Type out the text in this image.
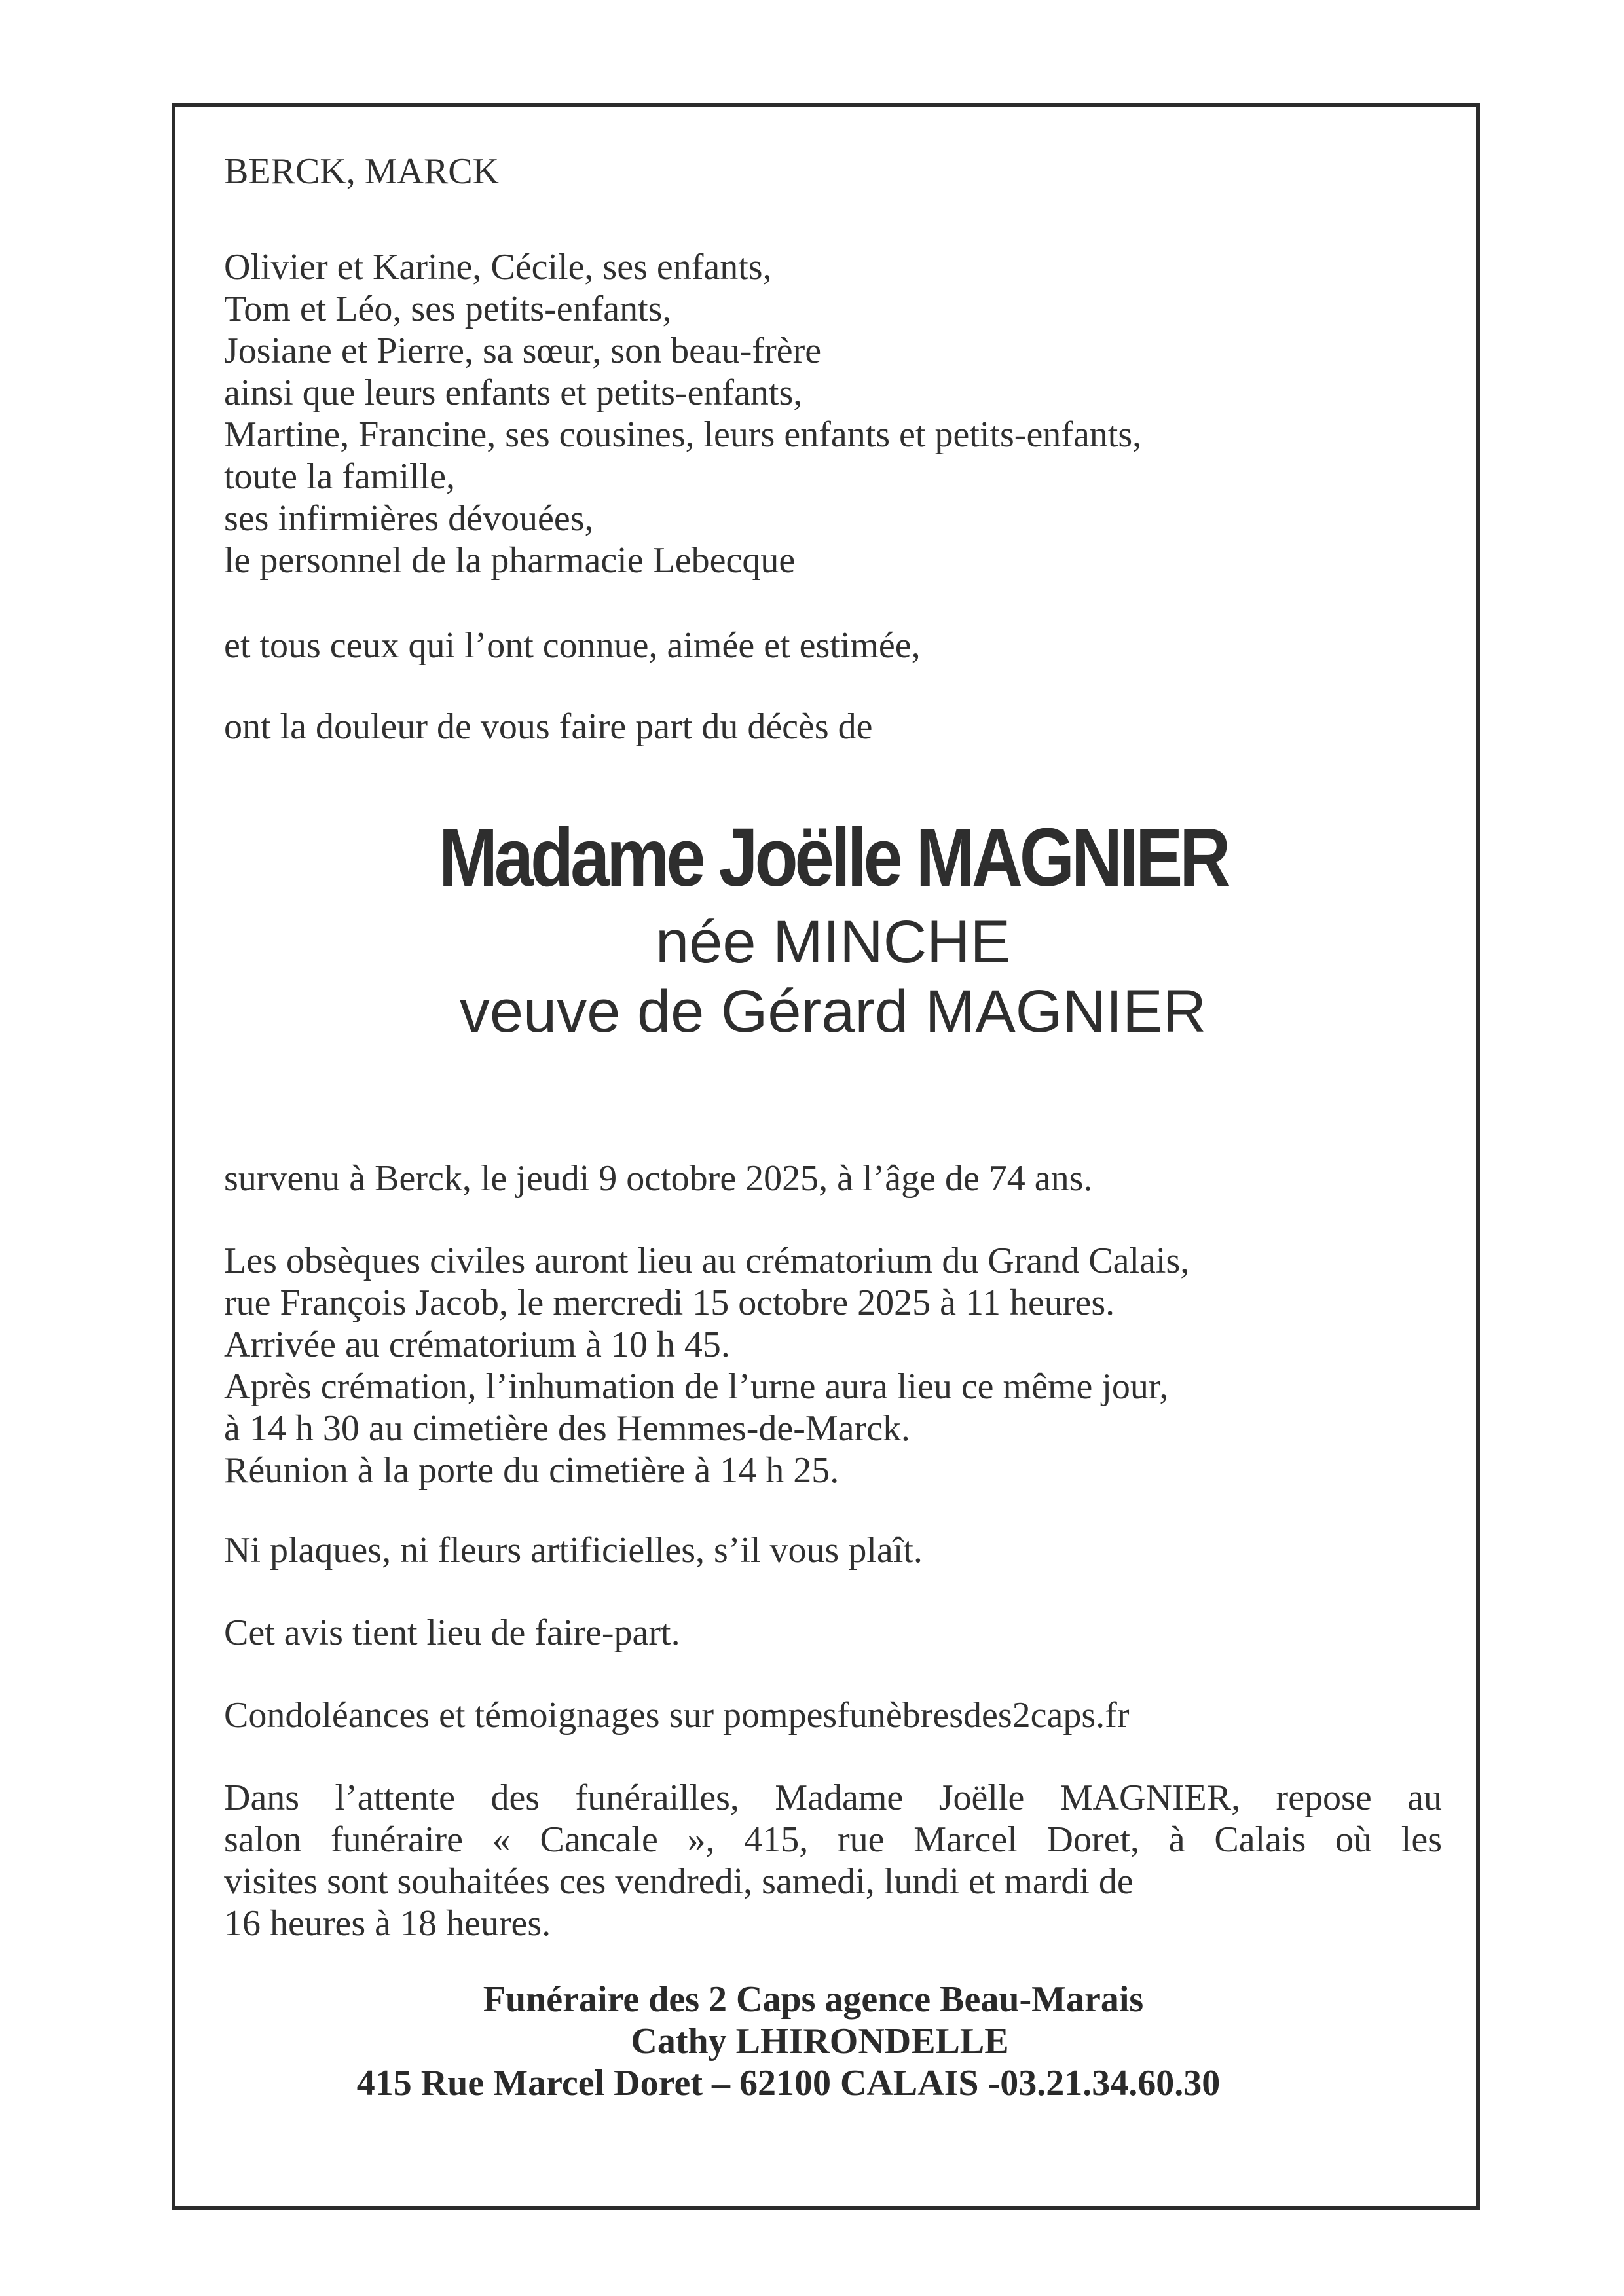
BERCK, MARCK

Olivier et Karine, Cécile, ses enfants,

Tom et Léo, ses petits-enfants,

Josiane et Pierre, sa sœur, son beau-frère

ainsi que leurs enfants et petits-enfants,

Martine, Francine, ses cousines, leurs enfants et petits-enfants,

toute la famille,

ses infirmières dévouées,

le personnel de la pharmacie Lebecque

et tous ceux qui l’ont connue, aimée et estimée,

ont la douleur de vous faire part du décès de

Madame Joëlle MAGNIER

née MINCHE

veuve de Gérard MAGNIER

survenu à Berck, le jeudi 9 octobre 2025, à l’âge de 74 ans.

Les obsèques civiles auront lieu au crématorium du Grand Calais,

rue François Jacob, le mercredi 15 octobre 2025 à 11 heures.

Arrivée au crématorium à 10 h 45.

Après crémation, l’inhumation de l’urne aura lieu ce même jour,

à 14 h 30 au cimetière des Hemmes-de-Marck.

Réunion à la porte du cimetière à 14 h 25.

Ni plaques, ni fleurs artificielles, s’il vous plaît.

Cet avis tient lieu de faire-part.

Condoléances et témoignages sur pompesfunèbresdes2caps.fr

Dans l’attente des funérailles, Madame Joëlle MAGNIER, repose au

salon funéraire « Cancale », 415, rue Marcel Doret, à Calais où les

visites sont souhaitées ces vendredi, samedi, lundi et mardi de

16 heures à 18 heures.

Funéraire des 2 Caps agence Beau-Marais

Cathy LHIRONDELLE

415 Rue Marcel Doret – 62100 CALAIS -03.21.34.60.30
